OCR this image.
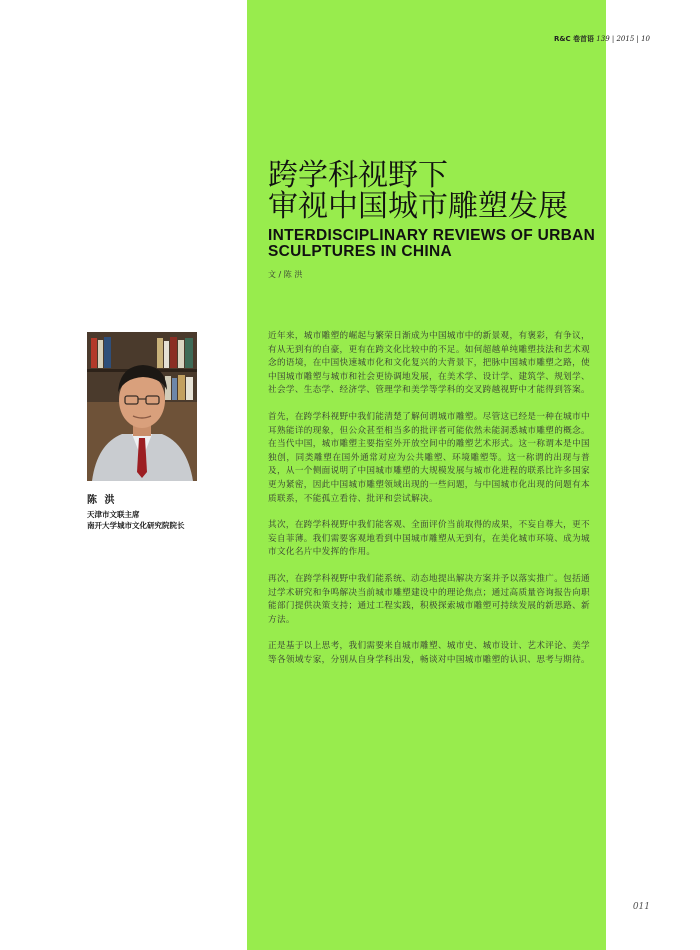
R&C 卷首语 139 | 2015 | 10
跨学科视野下
审视中国城市雕塑发展
INTERDISCIPLINARY REVIEWS OF URBAN SCULPTURES IN CHINA
文 / 陈 洪

近年来，城市雕塑的崛起与繁荣日渐成为中国城市中的新景观，有褒彩，有争议，有从无到有的自豪，更有在跨文化比较中的不足。如何超越单纯雕塑技法和艺术观念的语境，在中国快速城市化和文化复兴的大背景下，把脉中国城市雕塑之路，使中国城市雕塑与城市和社会更协调地发展，在美术学、设计学、建筑学、规划学、社会学、生态学、经济学、管理学和美学等学科的交叉跨越视野中才能得到答案。

首先，在跨学科视野中我们能清楚了解何谓城市雕塑。尽管这已经是一种在城市中耳熟能详的现象，但公众甚至相当多的批评者可能依然未能洞悉城市雕塑的概念。在当代中国，城市雕塑主要指室外开放空间中的雕塑艺术形式。这一称谓本是中国独创，同类雕塑在国外通常对应为公共雕塑、环境雕塑等。这一称谓的出现与普及，从一个侧面说明了中国城市雕塑的大规模发展与城市化进程的联系比许多国家更为紧密，因此中国城市雕塑领域出现的一些问题，与中国城市化出现的问题有本质联系，不能孤立看待、批评和尝试解决。

其次，在跨学科视野中我们能客观、全面评价当前取得的成果，不妄自尊大，更不妄自菲薄。我们需要客观地看到中国城市雕塑从无到有，在美化城市环境、成为城市文化名片中发挥的作用。

再次，在跨学科视野中我们能系统、动态地提出解决方案并予以落实推广。包括通过学术研究和争鸣解决当前城市雕塑建设中的理论焦点；通过高质量咨询报告向职能部门提供决策支持；通过工程实践，积极探索城市雕塑可持续发展的新思路、新方法。

正是基于以上思考，我们需要来自城市雕塑、城市史、城市设计、艺术评论、美学等各领域专家，分别从自身学科出发，畅谈对中国城市雕塑的认识、思考与期待。

陈 洪
天津市文联主席
南开大学城市文化研究院院长
011
